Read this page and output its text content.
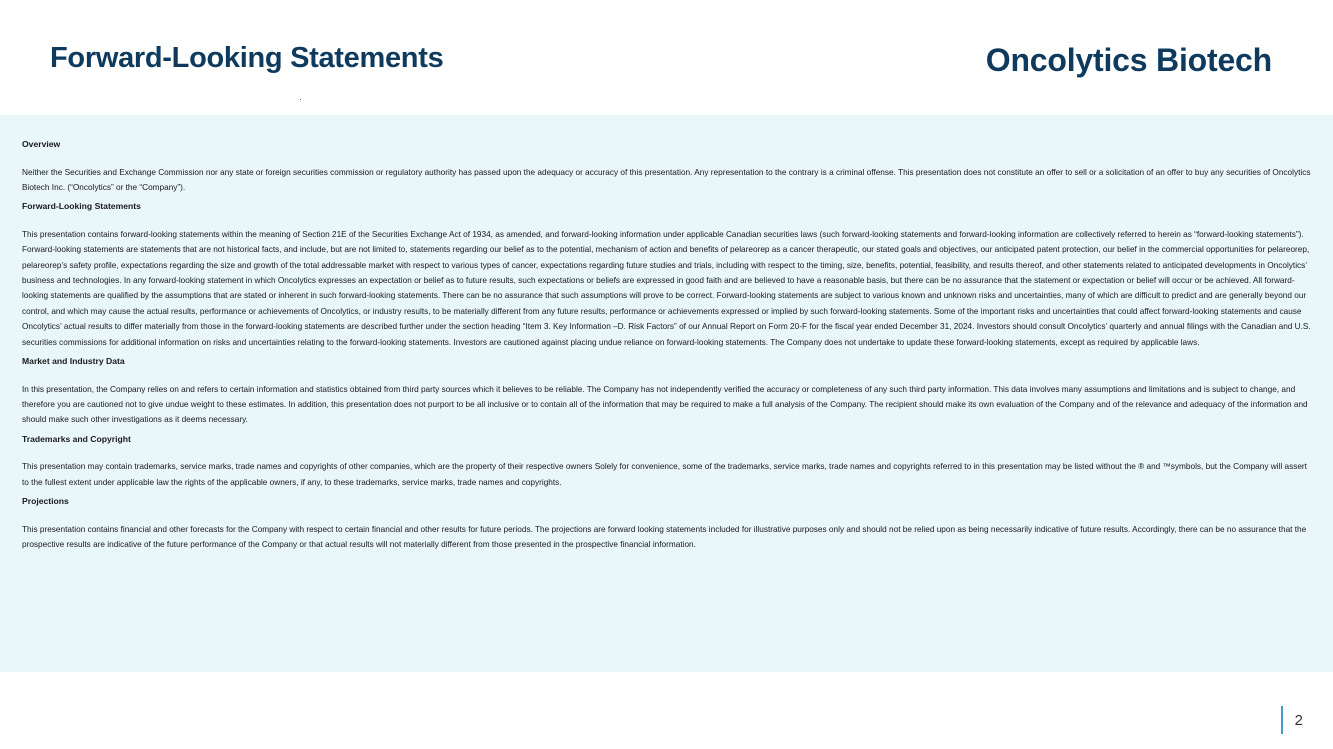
Forward-Looking Statements	Oncolytics Biotech
Overview

Neither the Securities and Exchange Commission nor any state or foreign securities commission or regulatory authority has passed upon the adequacy or accuracy of this presentation. Any representation to the contrary is a criminal offense. This presentation does not constitute an offer to sell or a solicitation of an offer to buy any securities of Oncolytics Biotech Inc. (“Oncolytics” or the “Company”).

Forward-Looking Statements

This presentation contains forward-looking statements within the meaning of Section 21E of the Securities Exchange Act of 1934, as amended, and forward-looking information under applicable Canadian securities laws (such forward-looking statements and forward-looking information are collectively referred to herein as “forward-looking statements”). Forward-looking statements are statements that are not historical facts, and include, but are not limited to, statements regarding our belief as to the potential, mechanism of action and benefits of pelareorep as a cancer therapeutic, our stated goals and objectives, our anticipated patent protection, our belief in the commercial opportunities for pelareorep, pelareorep’s safety profile, expectations regarding the size and growth of the total addressable market with respect to various types of cancer, expectations regarding future studies and trials, including with respect to the timing, size, benefits, potential, feasibility, and results thereof, and other statements related to anticipated developments in Oncolytics’ business and technologies. In any forward-looking statement in which Oncolytics expresses an expectation or belief as to future results, such expectations or beliefs are expressed in good faith and are believed to have a reasonable basis, but there can be no assurance that the statement or expectation or belief will occur or be achieved. All forward-looking statements are qualified by the assumptions that are stated or inherent in such forward-looking statements. There can be no assurance that such assumptions will prove to be correct. Forward-looking statements are subject to various known and unknown risks and uncertainties, many of which are difficult to predict and are generally beyond our control, and which may cause the actual results, performance or achievements of Oncolytics, or industry results, to be materially different from any future results, performance or achievements expressed or implied by such forward-looking statements. Some of the important risks and uncertainties that could affect forward-looking statements and cause Oncolytics’ actual results to differ materially from those in the forward-looking statements are described further under the section heading “Item 3. Key Information –D. Risk Factors” of our Annual Report on Form 20-F for the fiscal year ended December 31, 2024. Investors should consult Oncolytics’ quarterly and annual filings with the Canadian and U.S. securities commissions for additional information on risks and uncertainties relating to the forward-looking statements. Investors are cautioned against placing undue reliance on forward-looking statements. The Company does not undertake to update these forward-looking statements, except as required by applicable laws.

Market and Industry Data

In this presentation, the Company relies on and refers to certain information and statistics obtained from third party sources which it believes to be reliable. The Company has not independently verified the accuracy or completeness of any such third party information. This data involves many assumptions and limitations and is subject to change, and therefore you are cautioned not to give undue weight to these estimates. In addition, this presentation does not purport to be all inclusive or to contain all of the information that may be required to make a full analysis of the Company. The recipient should make its own evaluation of the Company and of the relevance and adequacy of the information and should make such other investigations as it deems necessary.

Trademarks and Copyright

This presentation may contain trademarks, service marks, trade names and copyrights of other companies, which are the property of their respective owners Solely for convenience, some of the trademarks, service marks, trade names and copyrights referred to in this presentation may be listed without the ® and ™symbols, but the Company will assert to the fullest extent under applicable law the rights of the applicable owners, if any, to these trademarks, service marks, trade names and copyrights.

Projections

This presentation contains financial and other forecasts for the Company with respect to certain financial and other results for future periods. The projections are forward looking statements included for illustrative purposes only and should not be relied upon as being necessarily indicative of future results. Accordingly, there can be no assurance that the prospective results are indicative of the future performance of the Company or that actual results will not materially different from those presented in the prospective financial information.

2
